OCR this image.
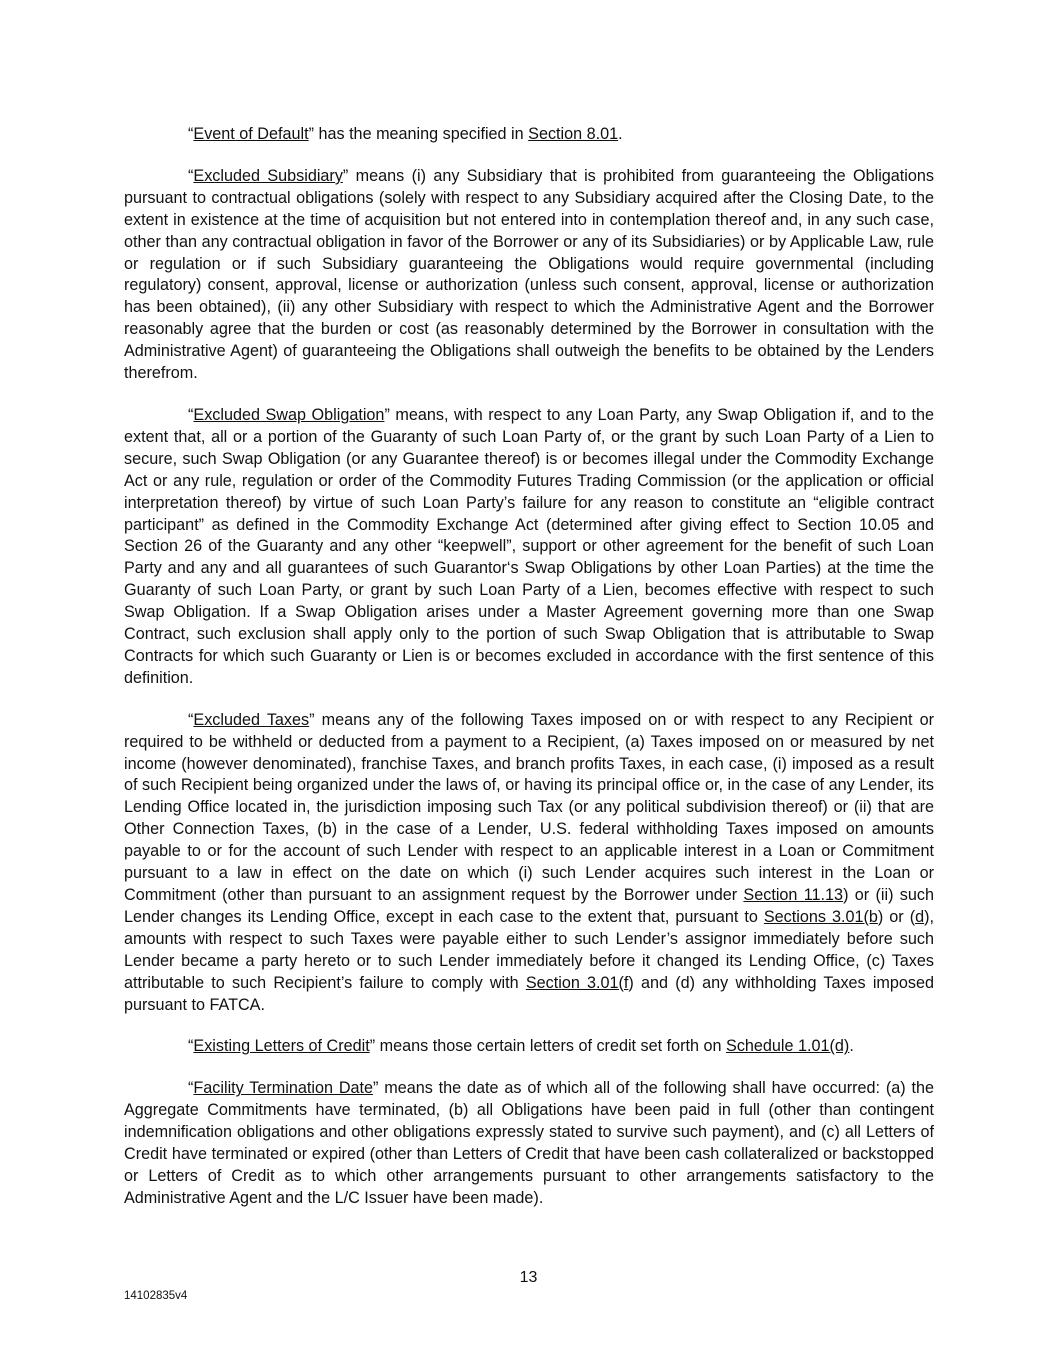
“Event of Default” has the meaning specified in Section 8.01.

“Excluded Subsidiary” means (i) any Subsidiary that is prohibited from guaranteeing the Obligations pursuant to contractual obligations (solely with respect to any Subsidiary acquired after the Closing Date, to the extent in existence at the time of acquisition but not entered into in contemplation thereof and, in any such case, other than any contractual obligation in favor of the Borrower or any of its Subsidiaries) or by Applicable Law, rule or regulation or if such Subsidiary guaranteeing the Obligations would require governmental (including regulatory) consent, approval, license or authorization (unless such consent, approval, license or authorization has been obtained), (ii) any other Subsidiary with respect to which the Administrative Agent and the Borrower reasonably agree that the burden or cost (as reasonably determined by the Borrower in consultation with the Administrative Agent) of guaranteeing the Obligations shall outweigh the benefits to be obtained by the Lenders therefrom.

“Excluded Swap Obligation” means, with respect to any Loan Party, any Swap Obligation if, and to the extent that, all or a portion of the Guaranty of such Loan Party of, or the grant by such Loan Party of a Lien to secure, such Swap Obligation (or any Guarantee thereof) is or becomes illegal under the Commodity Exchange Act or any rule, regulation or order of the Commodity Futures Trading Commission (or the application or official interpretation thereof) by virtue of such Loan Party’s failure for any reason to constitute an “eligible contract participant” as defined in the Commodity Exchange Act (determined after giving effect to Section 10.05 and Section 26 of the Guaranty and any other “keepwell”, support or other agreement for the benefit of such Loan Party and any and all guarantees of such Guarantor‘s Swap Obligations by other Loan Parties) at the time the Guaranty of such Loan Party, or grant by such Loan Party of a Lien, becomes effective with respect to such Swap Obligation. If a Swap Obligation arises under a Master Agreement governing more than one Swap Contract, such exclusion shall apply only to the portion of such Swap Obligation that is attributable to Swap Contracts for which such Guaranty or Lien is or becomes excluded in accordance with the first sentence of this definition.

“Excluded Taxes” means any of the following Taxes imposed on or with respect to any Recipient or required to be withheld or deducted from a payment to a Recipient, (a) Taxes imposed on or measured by net income (however denominated), franchise Taxes, and branch profits Taxes, in each case, (i) imposed as a result of such Recipient being organized under the laws of, or having its principal office or, in the case of any Lender, its Lending Office located in, the jurisdiction imposing such Tax (or any political subdivision thereof) or (ii) that are Other Connection Taxes, (b) in the case of a Lender, U.S. federal withholding Taxes imposed on amounts payable to or for the account of such Lender with respect to an applicable interest in a Loan or Commitment pursuant to a law in effect on the date on which (i) such Lender acquires such interest in the Loan or Commitment (other than pursuant to an assignment request by the Borrower under Section 11.13) or (ii) such Lender changes its Lending Office, except in each case to the extent that, pursuant to Sections 3.01(b) or (d), amounts with respect to such Taxes were payable either to such Lender’s assignor immediately before such Lender became a party hereto or to such Lender immediately before it changed its Lending Office, (c) Taxes attributable to such Recipient’s failure to comply with Section 3.01(f) and (d) any withholding Taxes imposed pursuant to FATCA.

“Existing Letters of Credit” means those certain letters of credit set forth on Schedule 1.01(d).

“Facility Termination Date” means the date as of which all of the following shall have occurred: (a) the Aggregate Commitments have terminated, (b) all Obligations have been paid in full (other than contingent indemnification obligations and other obligations expressly stated to survive such payment), and (c) all Letters of Credit have terminated or expired (other than Letters of Credit that have been cash collateralized or backstopped or Letters of Credit as to which other arrangements pursuant to other arrangements satisfactory to the Administrative Agent and the L/C Issuer have been made).

13
14102835v4
